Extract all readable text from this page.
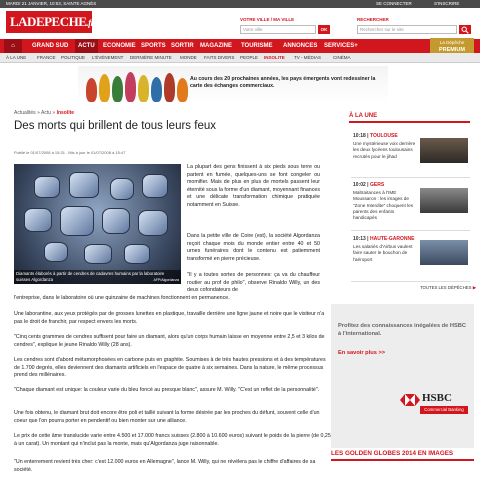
MARDI 21 JANVIER, 10:53, SAINTE AGNÈS	SE CONNECTER	S'INSCRIRE
LADEPECHE.fr	VOTRE VILLE / MA VILLE
Votre ville	OK
RECHERCHER
Rechercher sur le site
⌂	GRAND SUD	ACTU	ECONOMIE SPORTS SORTIR MAGAZINE TOURISME ANNONCES SERVICES+
La Dépêche
PREMIUM
À LA UNE FRANCE POLITIQUE L'ÉVÉNEMENT DERNIÈRE MINUTE MONDE FAITS DIVERS PEOPLE INSOLITE TV - MÉDIAS	CINÉMA
Au cours des 20 prochaines années, les pays émergents vont redessiner la carte des échanges commerciaux.
Actualités » Actu » Insolite
Des morts qui brillent de tous leurs feux
Publié le 01/07/2008 à 15:31 . Mis à jour le 01/07/2008 à 15:47
Diamants élaborés à partir de cendres de cadavres humains par la laboratoire suisses Algordanza	AFP/Algordanza
La plupart des gens finissent à six pieds sous terre ou partent en fumée, quelques-uns se font congeler ou momifier. Mais de plus en plus de mortels passent leur éternité sous la forme d'un diamant, moyennant finances et une délicate transformation chimique pratiquée notamment en Suisse.
Dans la petite ville de Coire (est), la société Algordanza reçoit chaque mois du monde entier entre 40 et 50 urnes funéraires dont le contenu est patiemment transformé en pierre précieuse.
"Il y a toutes sortes de personnes: ça va du chauffeur routier au prof de philo", observe Rinaldo Willy, un des deux cofondateurs de
l'entreprise, dans le laboratoire où une quinzaine de machines fonctionnent en permanence.
Une laborantine, aux yeux protégés par de grosses lunettes en plastique, travaille derrière une ligne jaune et noire que le visiteur n'a pas le droit de franchir, par respect envers les morts.
"Cinq cents grammes de cendres suffisent pour faire un diamant, alors qu'un corps humain laisse en moyenne entre 2,5 et 3 kilos de cendres", explique le jeune Rinaldo Willy (28 ans).
Les cendres sont d'abord métamorphosées en carbone puis en graphite. Soumises à de très hautes pressions et à des températures de 1.700 degrés, elles deviennent des diamants artificiels en l'espace de quatre à six semaines. Dans la nature, le même processus prend des millénaires.
"Chaque diamant est unique: la couleur varie du bleu foncé au presque blanc", assure M. Willy. "C'est un reflet de la personnalité".
Une fois obtenu, le diamant brut doit encore être poli et taillé suivant la forme désirée par les proches du défunt, souvent celle d'un coeur que l'on pourra porter en pendentif ou bien monter sur une alliance.
Le prix de cette âme translucide varie entre 4.500 et 17.000 francs suisses (2.800 à 10.600 euros) suivant le poids de la pierre (de 0,25 à un carat). Un montant qui n'inclut pas la monte, mais qu'Algordanza juge raisonnable.
"Un enterrement revient très cher: c'est 12.000 euros en Allemagne", lance M. Willy, qui ne révélera pas le chiffre d'affaires de sa société.
À LA UNE
10:18 | TOULOUSE
Une mystérieuse voix derrière les deux lycéens toulousains recrutés pour le jihad
10:02 | GERS
Maltraitances à l'IME Moussaron : les images de "Zone Interdite" choquent les parents des enfants handicapés
10:13 | HAUTE-GARONNE
Les salariés d'Airbus vaulent faire sauter le bouchon de l'aéroport
TOUTES LES DÉPÊCHES ▶
Profitez des connaissances inégalées de HSBC à l'international.
En savoir plus >>
HSBC
Commercial Banking
LES GOLDEN GLOBES 2014 EN IMAGES
